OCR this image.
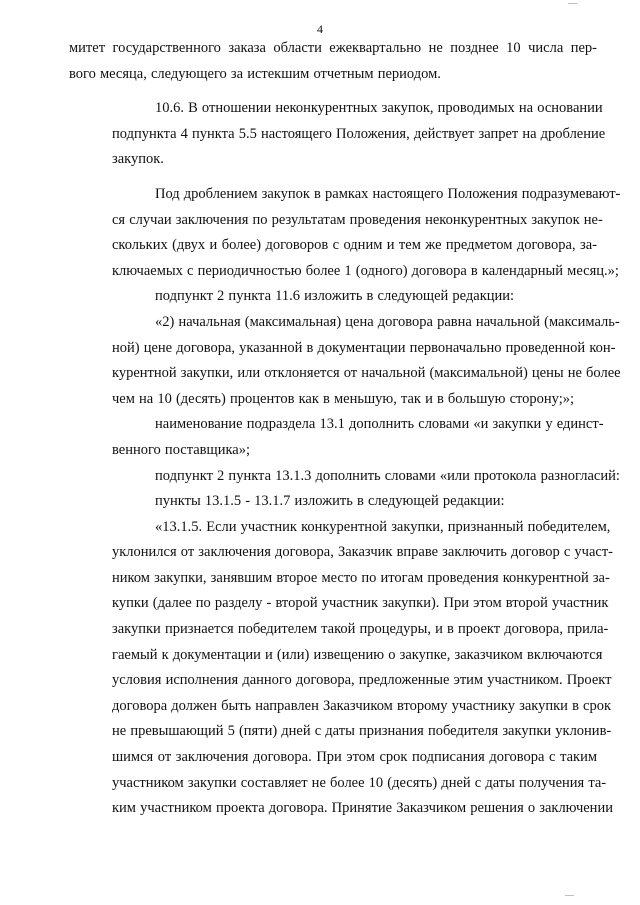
4
—
митет государственного заказа области ежеквартально не позднее 10 числа пер-
вого месяца, следующего за истекшим отчетным периодом.
10.6. В отношении неконкурентных закупок, проводимых на основании
подпункта 4 пункта 5.5 настоящего Положения, действует запрет на дробление
закупок.
Под дроблением закупок в рамках настоящего Положения подразумевают-
ся случаи заключения по результатам проведения неконкурентных закупок не-
скольких (двух и более) договоров с одним и тем же предметом договора, за-
ключаемых с периодичностью более 1 (одного) договора в календарный месяц.»;
подпункт 2 пункта 11.6 изложить в следующей редакции:
«2) начальная (максимальная) цена договора равна начальной (максималь-
ной) цене договора, указанной в документации первоначально проведенной кон-
курентной закупки, или отклоняется от начальной (максимальной) цены не более
чем на 10 (десять) процентов как в меньшую, так и в большую сторону;»;
наименование подраздела 13.1 дополнить словами «и закупки у единст-
венного поставщика»;
подпункт 2 пункта 13.1.3 дополнить словами «или протокола разногласий:
пункты 13.1.5 - 13.1.7 изложить в следующей редакции:
«13.1.5. Если участник конкурентной закупки, признанный победителем,
уклонился от заключения договора, Заказчик вправе заключить договор с участ-
ником закупки, занявшим второе место по итогам проведения конкурентной за-
купки (далее по разделу - второй участник закупки). При этом второй участник
закупки признается победителем такой процедуры, и в проект договора, прила-
гаемый к документации и (или) извещению о закупке, заказчиком включаются
условия исполнения данного договора, предложенные этим участником. Проект
договора должен быть направлен Заказчиком второму участнику закупки в срок
не превышающий 5 (пяти) дней с даты признания победителя закупки уклонив-
шимся от заключения договора. При этом срок подписания договора с таким
участником закупки составляет не более 10 (десять) дней с даты получения та-
ким участником проекта договора. Принятие Заказчиком решения о заключении
—
